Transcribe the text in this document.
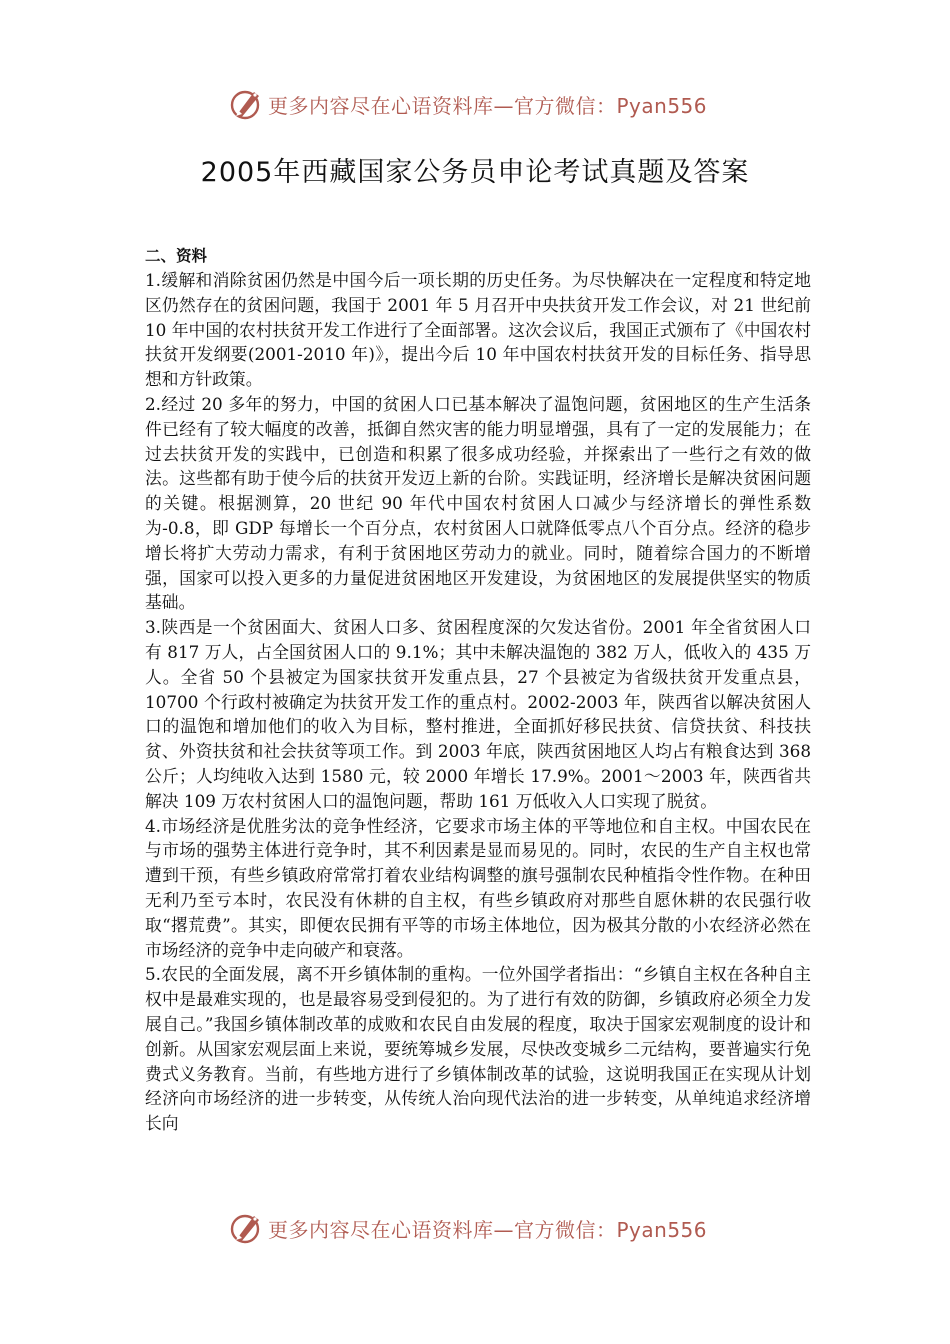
更多内容尽在心语资料库—官方微信：Pyan556
2005年西藏国家公务员申论考试真题及答案

二、资料

1.缓解和消除贫困仍然是中国今后一项长期的历史任务。为尽快解决在一定程度和特定地区仍然存在的贫困问题，我国于 2001 年 5 月召开中央扶贫开发工作会议，对 21 世纪前 10 年中国的农村扶贫开发工作进行了全面部署。这次会议后，我国正式颁布了《中国农村扶贫开发纲要(2001-2010 年)》，提出今后 10 年中国农村扶贫开发的目标任务、指导思想和方针政策。

2.经过 20 多年的努力，中国的贫困人口已基本解决了温饱问题，贫困地区的生产生活条件已经有了较大幅度的改善，抵御自然灾害的能力明显增强，具有了一定的发展能力；在过去扶贫开发的实践中，已创造和积累了很多成功经验，并探索出了一些行之有效的做法。这些都有助于使今后的扶贫开发迈上新的台阶。实践证明，经济增长是解决贫困问题的关键。根据测算，20 世纪 90 年代中国农村贫困人口减少与经济增长的弹性系数为-0.8，即 GDP 每增长一个百分点，农村贫困人口就降低零点八个百分点。经济的稳步增长将扩大劳动力需求，有利于贫困地区劳动力的就业。同时，随着综合国力的不断增强，国家可以投入更多的力量促进贫困地区开发建设，为贫困地区的发展提供坚实的物质基础。

3.陕西是一个贫困面大、贫困人口多、贫困程度深的欠发达省份。2001 年全省贫困人口有 817 万人，占全国贫困人口的 9.1%；其中未解决温饱的 382 万人，低收入的 435 万人。全省 50 个县被定为国家扶贫开发重点县，27 个县被定为省级扶贫开发重点县，10700 个行政村被确定为扶贫开发工作的重点村。2002-2003 年，陕西省以解决贫困人口的温饱和增加他们的收入为目标，整村推进，全面抓好移民扶贫、信贷扶贫、科技扶贫、外资扶贫和社会扶贫等项工作。到 2003 年底，陕西贫困地区人均占有粮食达到 368 公斤；人均纯收入达到 1580 元，较 2000 年增长 17.9%。2001～2003 年，陕西省共解决 109 万农村贫困人口的温饱问题，帮助 161 万低收入人口实现了脱贫。

4.市场经济是优胜劣汰的竞争性经济，它要求市场主体的平等地位和自主权。中国农民在与市场的强势主体进行竞争时，其不利因素是显而易见的。同时，农民的生产自主权也常遭到干预，有些乡镇政府常常打着农业结构调整的旗号强制农民种植指令性作物。在种田无利乃至亏本时，农民没有休耕的自主权，有些乡镇政府对那些自愿休耕的农民强行收取“撂荒费”。其实，即便农民拥有平等的市场主体地位，因为极其分散的小农经济必然在市场经济的竞争中走向破产和衰落。

5.农民的全面发展，离不开乡镇体制的重构。一位外国学者指出：“乡镇自主权在各种自主权中是最难实现的，也是最容易受到侵犯的。为了进行有效的防御，乡镇政府必须全力发展自己。”我国乡镇体制改革的成败和农民自由发展的程度，取决于国家宏观制度的设计和创新。从国家宏观层面上来说，要统筹城乡发展，尽快改变城乡二元结构，要普遍实行免费式义务教育。当前，有些地方进行了乡镇体制改革的试验，这说明我国正在实现从计划经济向市场经济的进一步转变，从传统人治向现代法治的进一步转变，从单纯追求经济增长向

更多内容尽在心语资料库—官方微信：Pyan556
